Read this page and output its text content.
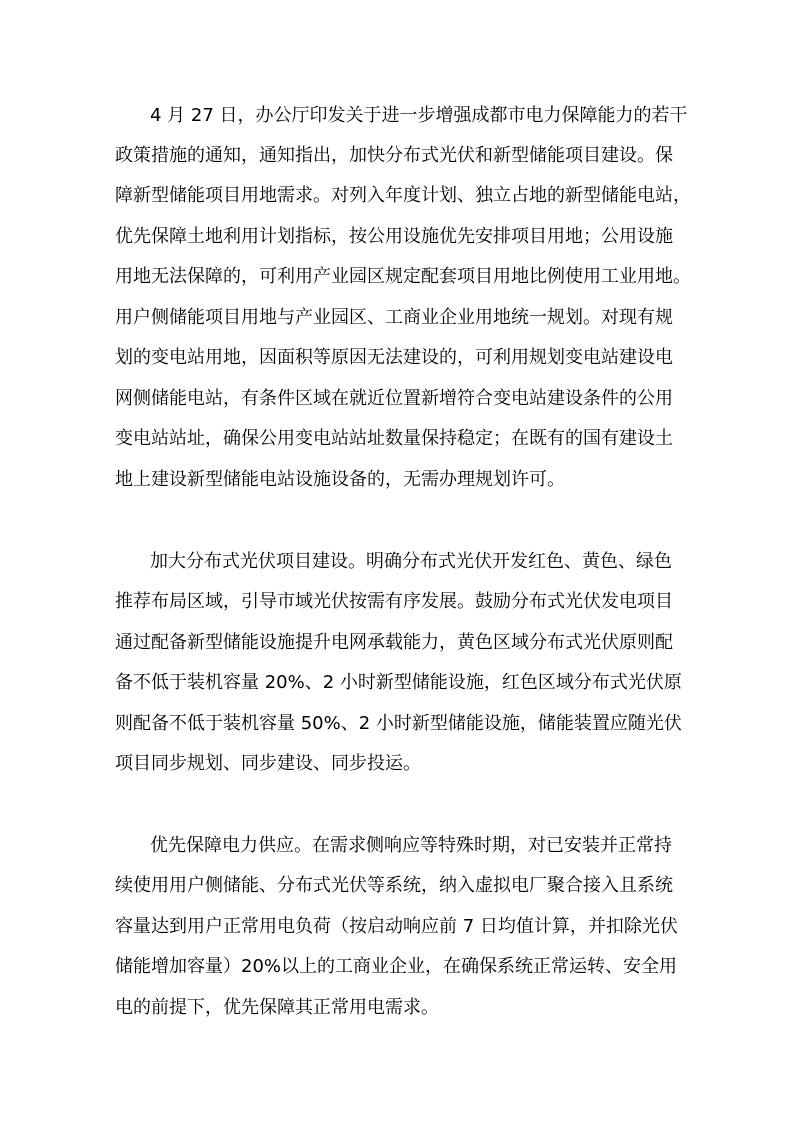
4 月 27 日，办公厅印发关于进一步增强成都市电力保障能力的若干
政策措施的通知，通知指出，加快分布式光伏和新型储能项目建设。保
障新型储能项目用地需求。对列入年度计划、独立占地的新型储能电站，
优先保障土地利用计划指标，按公用设施优先安排项目用地；公用设施
用地无法保障的，可利用产业园区规定配套项目用地比例使用工业用地。
用户侧储能项目用地与产业园区、工商业企业用地统一规划。对现有规
划的变电站用地，因面积等原因无法建设的，可利用规划变电站建设电
网侧储能电站，有条件区域在就近位置新增符合变电站建设条件的公用
变电站站址，确保公用变电站站址数量保持稳定；在既有的国有建设土
地上建设新型储能电站设施设备的，无需办理规划许可。
加大分布式光伏项目建设。明确分布式光伏开发红色、黄色、绿色
推荐布局区域，引导市域光伏按需有序发展。鼓励分布式光伏发电项目
通过配备新型储能设施提升电网承载能力，黄色区域分布式光伏原则配
备不低于装机容量 20%、2 小时新型储能设施，红色区域分布式光伏原
则配备不低于装机容量 50%、2 小时新型储能设施，储能装置应随光伏
项目同步规划、同步建设、同步投运。
优先保障电力供应。在需求侧响应等特殊时期，对已安装并正常持
续使用用户侧储能、分布式光伏等系统，纳入虚拟电厂聚合接入且系统
容量达到用户正常用电负荷（按启动响应前 7 日均值计算，并扣除光伏
储能增加容量）20%以上的工商业企业，在确保系统正常运转、安全用
电的前提下，优先保障其正常用电需求。
